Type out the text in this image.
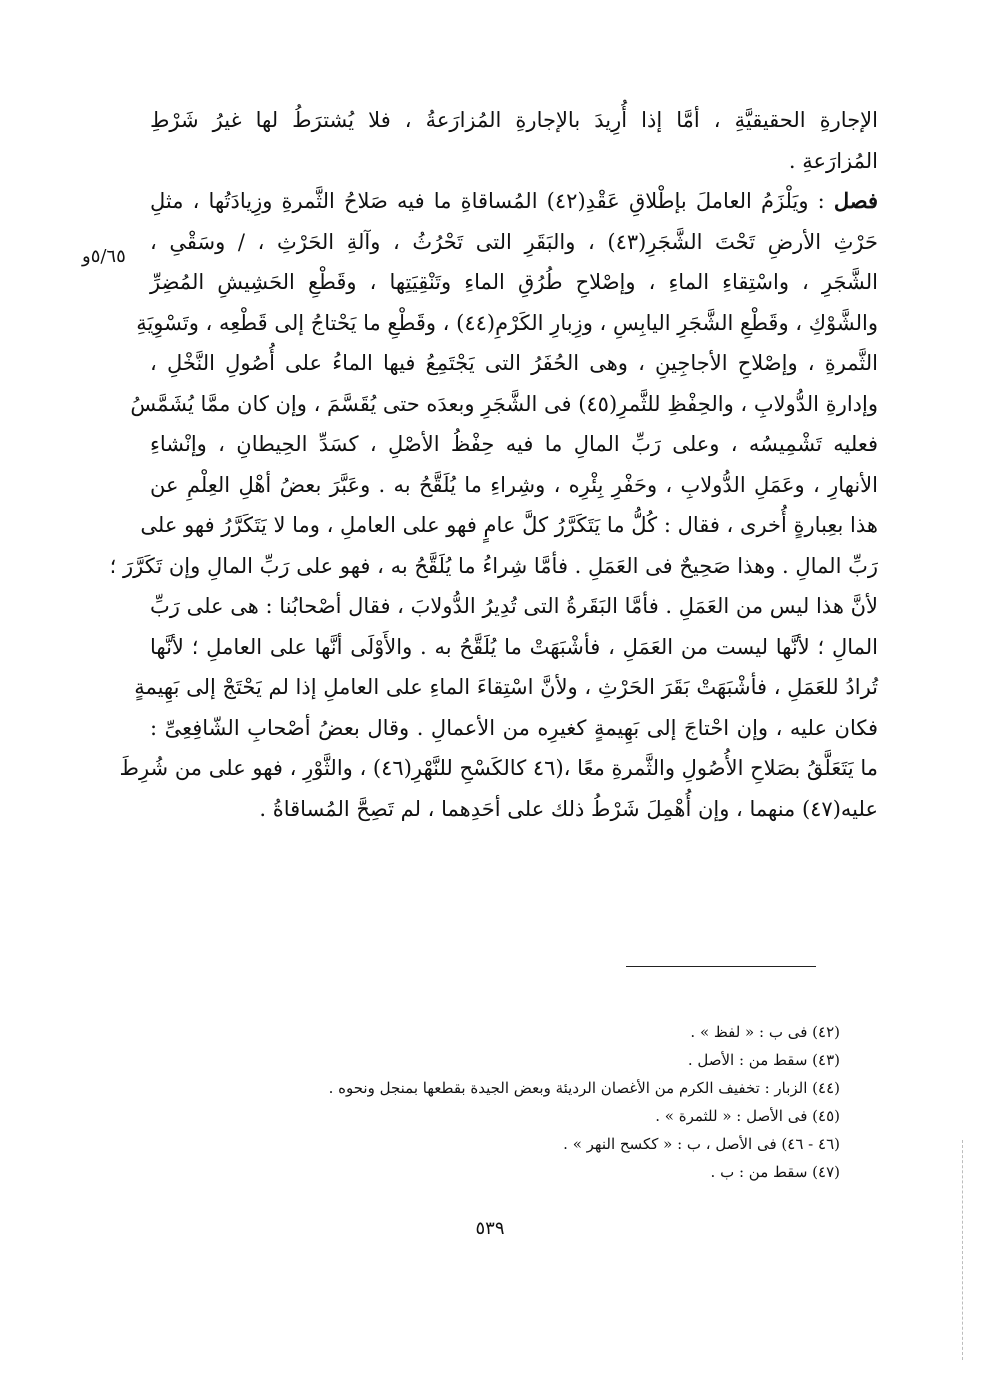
الإجارةِ الحقيقيَّةِ ، أمَّا إذا أُرِيدَ بالإجارةِ المُزارَعةُ ، فلا يُشترَطُ لها غيرُ شَرْطِ
المُزارَعةِ .
فصل : ويَلْزَمُ العاملَ بإطْلاقِ عَقْدِ(٤٢) المُساقاةِ ما فيه صَلاحُ الثَّمرةِ وزِيادَتُها ، مثلِ
حَرْثِ الأرضِ تَحْتَ الشَّجَرِ(٤٣) ، والبَقَرِ التى تَحْرُثُ ، وآلةِ الحَرْثِ ، / وسَقْىِ ،
الشَّجَرِ ، واسْتِقاءِ الماءِ ، وإصْلاحِ طُرُقِ الماءِ وتَنْقِيَتِها ، وقَطْعِ الحَشِيشِ المُضِرِّ
والشَّوْكِ ، وقَطْعِ الشَّجَرِ اليابِسِ ، وزِبارِ الكَرْمِ(٤٤) ، وقَطْعِ ما يَحْتاجُ إلى قَطْعِه ، وتَسْوِيَةِ
الثَّمرةِ ، وإصْلاحِ الأجاجِينِ ، وهى الحُفَرُ التى يَجْتَمِعُ فيها الماءُ على أُصُولِ النَّخْلِ ،
وإدارةِ الدُّولابِ ، والحِفْظِ للثَّمرِ(٤٥) فى الشَّجَرِ وبعدَه حتى يُقَسَّمَ ، وإن كان ممَّا يُشَمَّسُ
فعليه تَشْمِيسُه ، وعلى رَبِّ المالِ ما فيه حِفْظُ الأصْلِ ، كسَدِّ الحِيطانِ ، وإنْشاءِ
الأنهارِ ، وعَمَلِ الدُّولابِ ، وحَفْرِ بِئْرِه ، وشِراءِ ما يُلَقَّحُ به . وعَبَّرَ بعضُ أهْلِ العِلْمِ عن
هذا بعِبارةٍ أُخرى ، فقال : كُلُّ ما يَتَكَرَّرُ كلَّ عامٍ فهو على العاملِ ، وما لا يَتَكَرَّرُ فهو على
رَبِّ المالِ . وهذا صَحِيحٌ فى العَمَلِ . فأمَّا شِراءُ ما يُلَقَّحُ به ، فهو على رَبِّ المالِ وإن تَكَرَّرَ ؛
لأنَّ هذا ليس من العَمَلِ . فأمَّا البَقَرةُ التى تُدِيرُ الدُّولابَ ، فقال أصْحابُنا : هى على رَبِّ
المالِ ؛ لأنَّها ليست من العَمَلِ ، فأشْبَهَتْ ما يُلَقَّحُ به . والأَوْلَى أنَّها على العاملِ ؛ لأنَّها
تُرادُ للعَمَلِ ، فأشْبَهَتْ بَقَرَ الحَرْثِ ، ولأنَّ اسْتِقاءَ الماءِ على العاملِ إذا لم يَحْتَجْ إلى بَهِيمةٍ
فكان عليه ، وإن احْتاجَ إلى بَهِيمةٍ كغيرِه من الأعمالِ . وقال بعضُ أصْحابِ الشّافِعِىِّ :
ما يَتَعَلَّقُ بصَلاحِ الأُصُولِ والثَّمرةِ معًا ،(٤٦ كالكَسْحِ للنَّهْرِ(٤٦) ، والثَّوْرِ ، فهو على من شُرِطَ
عليه(٤٧) منهما ، وإن أُهْمِلَ شَرْطُ ذلك على أحَدِهما ، لم تَصِحَّ المُساقاةُ .
٥/٦٥و
(٤٢) فى ب : « لفظ » .
(٤٣) سقط من : الأصل .
(٤٤) الزبار : تخفيف الكرم من الأغصان الرديئة وبعض الجيدة بقطعها بمنجل ونحوه .
(٤٥) فى الأصل : « للثمرة » .
(٤٦ - ٤٦) فى الأصل ، ب : « ككسح النهر » .
(٤٧) سقط من : ب .
٥٣٩
